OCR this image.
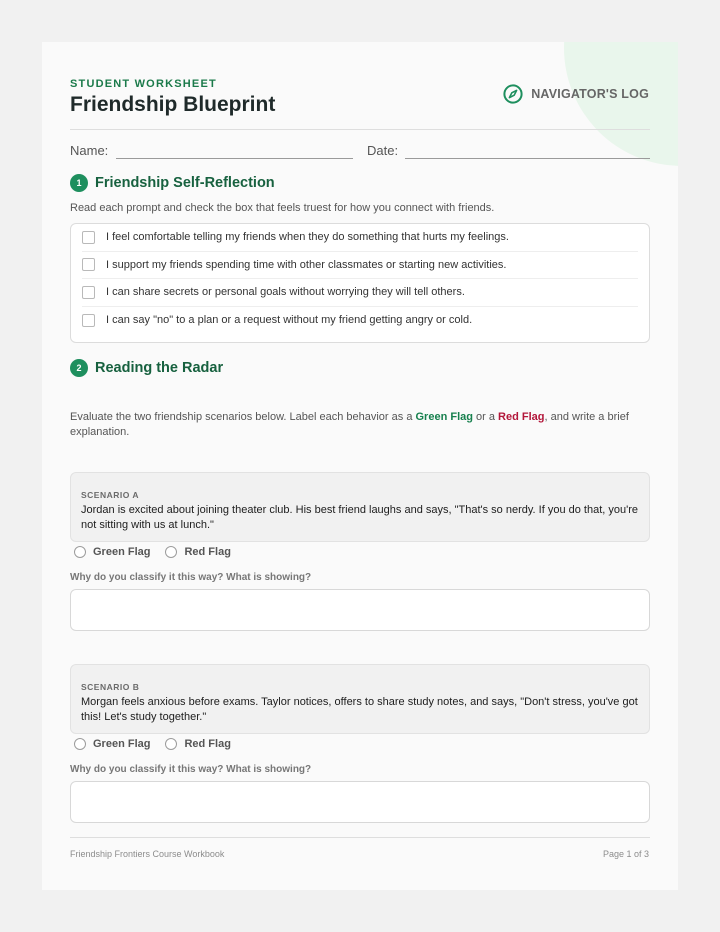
STUDENT WORKSHEET
Friendship Blueprint	NAVIGATOR'S LOG
Name:	Date:
1 Friendship Self-Reflection
Read each prompt and check the box that feels truest for how you connect with friends.
I feel comfortable telling my friends when they do something that hurts my feelings.
I support my friends spending time with other classmates or starting new activities.
I can share secrets or personal goals without worrying they will tell others.
I can say "no" to a plan or a request without my friend getting angry or cold.
2 Reading the Radar
Evaluate the two friendship scenarios below. Label each behavior as a Green Flag or a Red Flag, and write a brief explanation.
SCENARIO A
Jordan is excited about joining theater club. His best friend laughs and says, "That's so nerdy. If you do that, you're not sitting with us at lunch."
Green Flag	Red Flag
Why do you classify it this way? What is showing?
SCENARIO B
Morgan feels anxious before exams. Taylor notices, offers to share study notes, and says, "Don't stress, you've got this! Let's study together."
Green Flag	Red Flag
Why do you classify it this way? What is showing?
Friendship Frontiers Course Workbook	Page 1 of 3
